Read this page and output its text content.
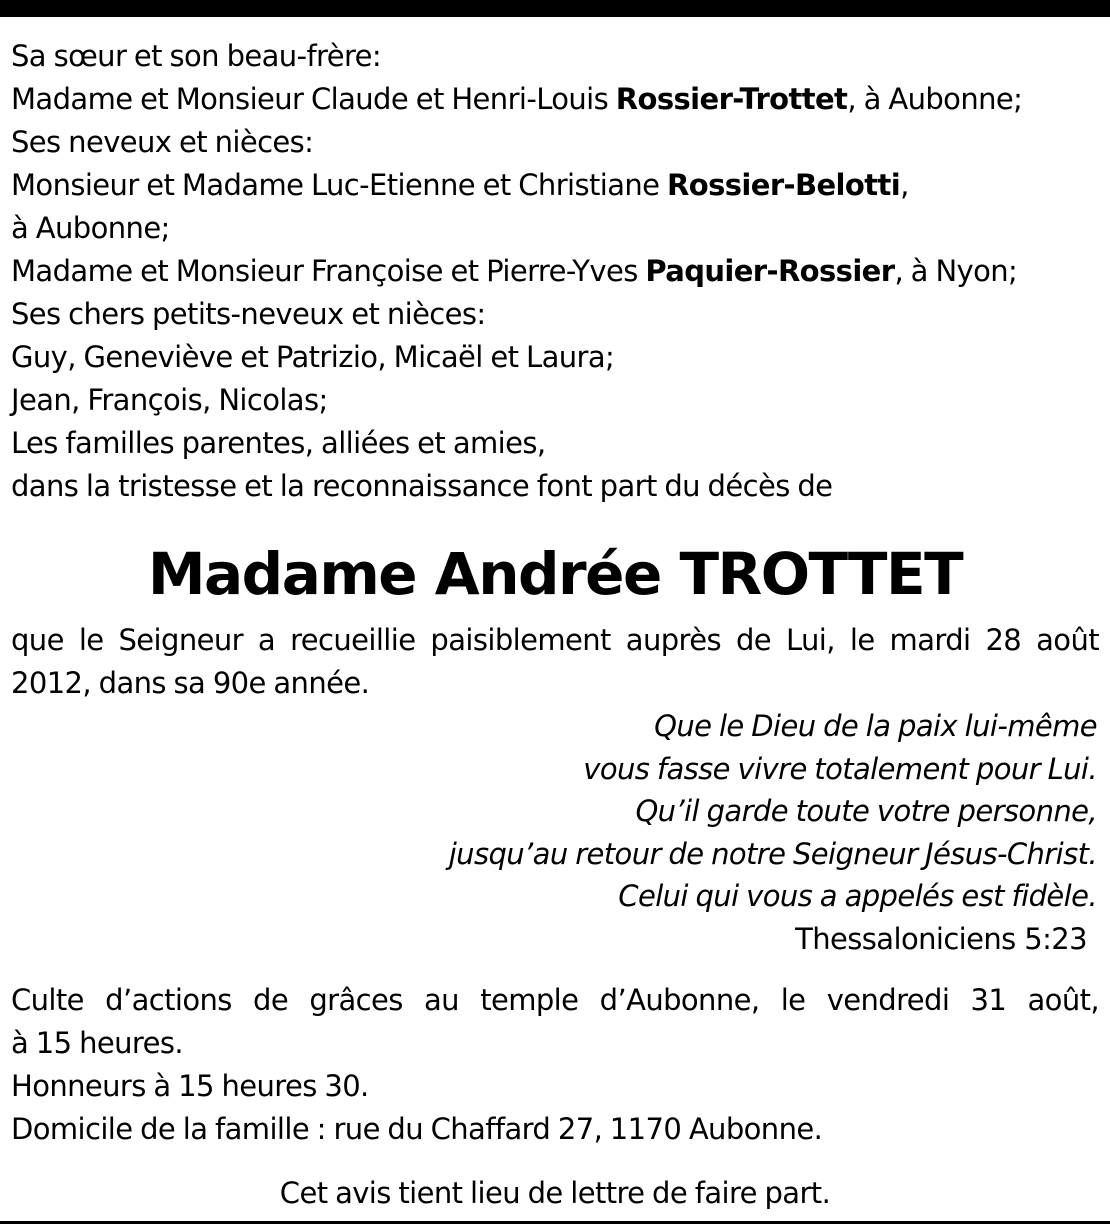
Sa sœur et son beau-frère:
Madame et Monsieur Claude et Henri-Louis Rossier-Trottet, à Aubonne;
Ses neveux et nièces:
Monsieur et Madame Luc-Etienne et Christiane Rossier-Belotti,
à Aubonne;
Madame et Monsieur Françoise et Pierre-Yves Paquier-Rossier, à Nyon;
Ses chers petits-neveux et nièces:
Guy, Geneviève et Patrizio, Micaël et Laura;
Jean, François, Nicolas;
Les familles parentes, alliées et amies,
dans la tristesse et la reconnaissance font part du décès de
Madame Andrée TROTTET
que le Seigneur a recueillie paisiblement auprès de Lui, le mardi 28 août
2012, dans sa 90e année.
Que le Dieu de la paix lui-même
vous fasse vivre totalement pour Lui.
Qu’il garde toute votre personne,
jusqu’au retour de notre Seigneur Jésus-Christ.
Celui qui vous a appelés est fidèle.
Thessaloniciens 5:23
Culte d’actions de grâces au temple d’Aubonne, le vendredi 31 août,
à 15 heures.
Honneurs à 15 heures 30.
Domicile de la famille : rue du Chaffard 27, 1170 Aubonne.
Cet avis tient lieu de lettre de faire part.
